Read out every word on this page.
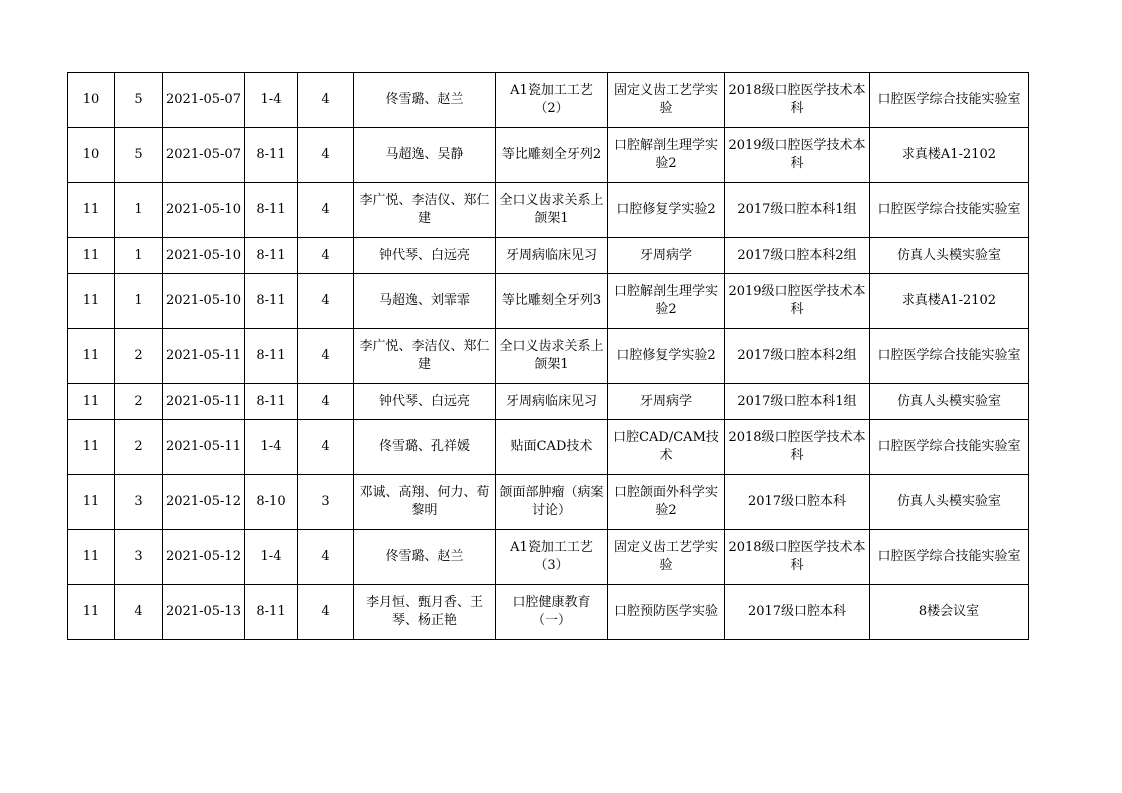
10	5	2021-05-07	1-4	4	佟雪璐、赵兰	A1瓷加工工艺（2）	固定义齿工艺学实验	2018级口腔医学技术本科	口腔医学综合技能实验室
10	5	2021-05-07	8-11	4	马超逸、吴静	等比雕刻全牙列2	口腔解剖生理学实验2	2019级口腔医学技术本科	求真楼A1-2102
11	1	2021-05-10	8-11	4	李广悦、李洁仪、郑仁建	全口义齿求关系上颌架1	口腔修复学实验2	2017级口腔本科1组	口腔医学综合技能实验室
11	1	2021-05-10	8-11	4	钟代琴、白远亮	牙周病临床见习	牙周病学	2017级口腔本科2组	仿真人头模实验室
11	1	2021-05-10	8-11	4	马超逸、刘霏霏	等比雕刻全牙列3	口腔解剖生理学实验2	2019级口腔医学技术本科	求真楼A1-2102
11	2	2021-05-11	8-11	4	李广悦、李洁仪、郑仁建	全口义齿求关系上颌架1	口腔修复学实验2	2017级口腔本科2组	口腔医学综合技能实验室
11	2	2021-05-11	8-11	4	钟代琴、白远亮	牙周病临床见习	牙周病学	2017级口腔本科1组	仿真人头模实验室
11	2	2021-05-11	1-4	4	佟雪璐、孔祥媛	贴面CAD技术	口腔CAD/CAM技术	2018级口腔医学技术本科	口腔医学综合技能实验室
11	3	2021-05-12	8-10	3	邓诚、高翔、何力、荀黎明	颌面部肿瘤（病案讨论）	口腔颌面外科学实验2	2017级口腔本科	仿真人头模实验室
11	3	2021-05-12	1-4	4	佟雪璐、赵兰	A1瓷加工工艺（3）	固定义齿工艺学实验	2018级口腔医学技术本科	口腔医学综合技能实验室
11	4	2021-05-13	8-11	4	李月恒、甄月香、王琴、杨正艳	口腔健康教育（一）	口腔预防医学实验	2017级口腔本科	8楼会议室
